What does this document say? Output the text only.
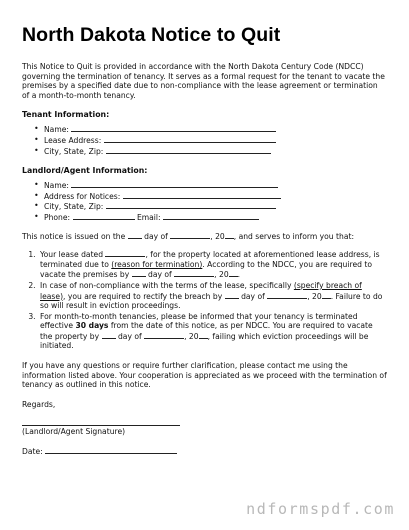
North Dakota Notice to Quit

This Notice to Quit is provided in accordance with the North Dakota Century Code (NDCC) governing the termination of tenancy. It serves as a formal request for the tenant to vacate the premises by a specified date due to non-compliance with the lease agreement or termination of a month-to-month tenancy.

Tenant Information:
• Name:
• Lease Address:
• City, State, Zip:
Landlord/Agent Information:
• Name:
• Address for Notices:
• City, State, Zip:
• Phone:	Email:

This notice is issued on the day of	, 20 , and serves to inform you that:

1. Your lease dated	, for the property located at aforementioned lease address, is terminated due to (reason for termination). According to the NDCC, you are required to vacate the premises by day of	, 20 .
2. In case of non-compliance with the terms of the lease, specifically (specify breach of lease), you are required to rectify the breach by day of	, 20 . Failure to do so will result in eviction proceedings.
3. For month-to-month tenancies, please be informed that your tenancy is terminated effective 30 days from the date of this notice, as per NDCC. You are required to vacate the property by day of	, 20 , failing which eviction proceedings will be initiated.

If you have any questions or require further clarification, please contact me using the information listed above. Your cooperation is appreciated as we proceed with the termination of tenancy as outlined in this notice.

Regards,

(Landlord/Agent Signature)

Date:

ndformspdf.com
